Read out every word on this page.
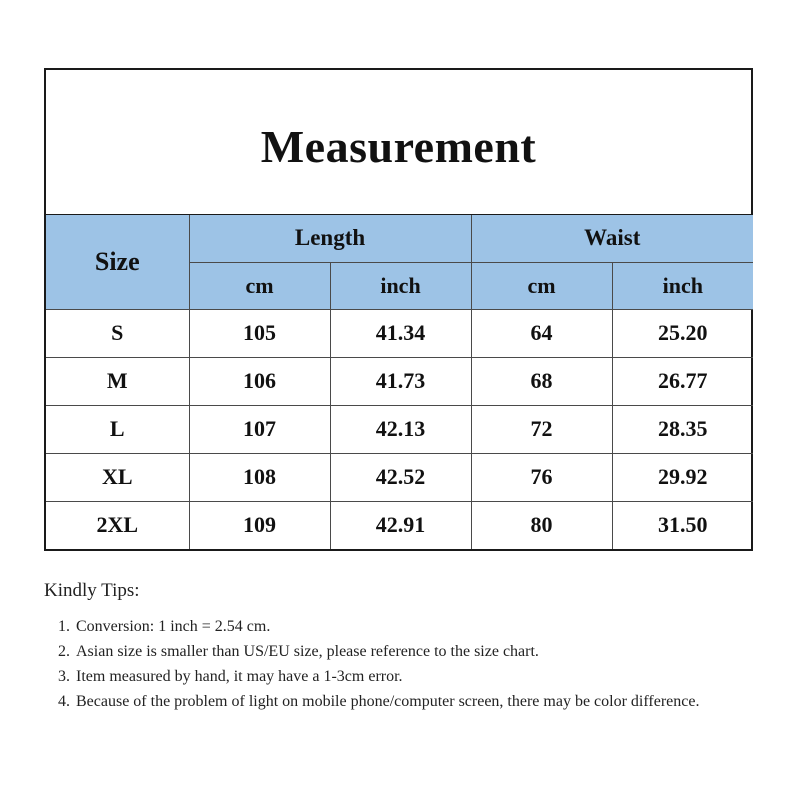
Measurement
Size	Length		Waist	
	cm	inch	cm	inch
S	105	41.34	64	25.20
M	106	41.73	68	26.77
L	107	42.13	72	28.35
XL	108	42.52	76	29.92
2XL	109	42.91	80	31.50
Kindly Tips:
1. Conversion: 1 inch = 2.54 cm.
2. Asian size is smaller than US/EU size, please reference to the size chart.
3. Item measured by hand, it may have a 1-3cm error.
4. Because of the problem of light on mobile phone/computer screen, there may be color difference.
